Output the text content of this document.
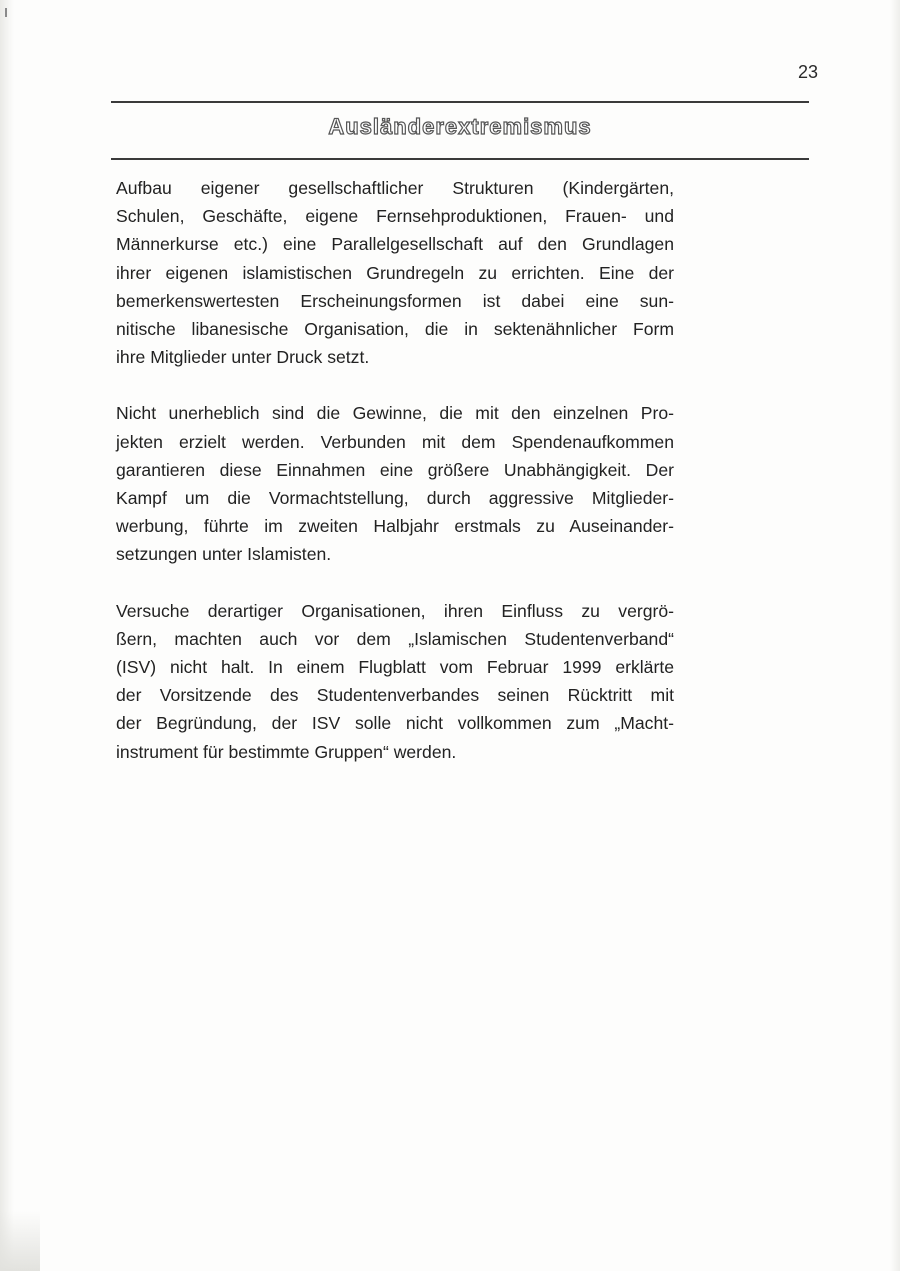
23
Ausländerextremismus

Aufbau eigener gesellschaftlicher Strukturen (Kindergärten,
Schulen, Geschäfte, eigene Fernsehproduktionen, Frauen- und
Männerkurse etc.) eine Parallelgesellschaft auf den Grundlagen
ihrer eigenen islamistischen Grundregeln zu errichten. Eine der
bemerkenswertesten Erscheinungsformen ist dabei eine sun-
nitische libanesische Organisation, die in sektenähnlicher Form
ihre Mitglieder unter Druck setzt.

Nicht unerheblich sind die Gewinne, die mit den einzelnen Pro-
jekten erzielt werden. Verbunden mit dem Spendenaufkommen
garantieren diese Einnahmen eine größere Unabhängigkeit. Der
Kampf um die Vormachtstellung, durch aggressive Mitglieder-
werbung, führte im zweiten Halbjahr erstmals zu Auseinander-
setzungen unter Islamisten.

Versuche derartiger Organisationen, ihren Einfluss zu vergrö-
ßern, machten auch vor dem „Islamischen Studentenverband“
(ISV) nicht halt. In einem Flugblatt vom Februar 1999 erklärte
der Vorsitzende des Studentenverbandes seinen Rücktritt mit
der Begründung, der ISV solle nicht vollkommen zum „Macht-
instrument für bestimmte Gruppen“ werden.
